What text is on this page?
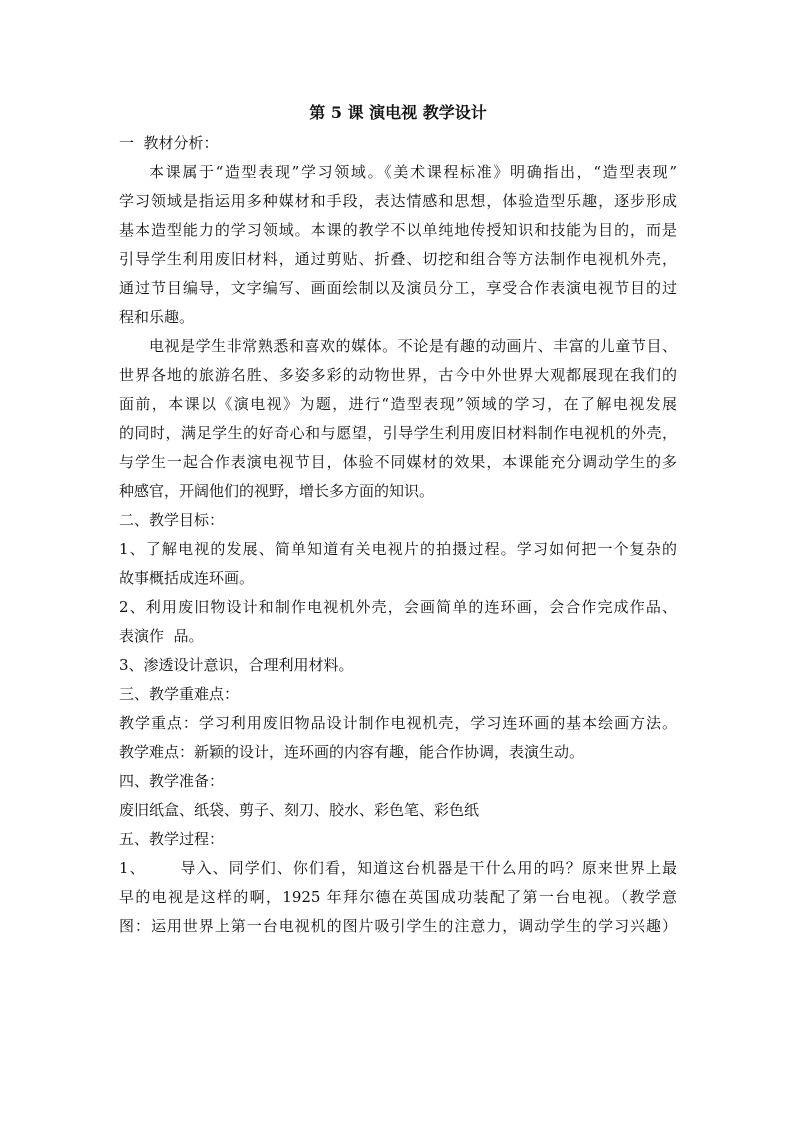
第 5 课 演电视 教学设计
一  教材分析：
本课属于“造型表现”学习领域。《美术课程标准》明确指出，“造型表现”
学习领域是指运用多种媒材和手段，表达情感和思想，体验造型乐趣，逐步形成
基本造型能力的学习领域。本课的教学不以单纯地传授知识和技能为目的，而是
引导学生利用废旧材料，通过剪贴、折叠、切挖和组合等方法制作电视机外壳，
通过节目编导，文字编写、画面绘制以及演员分工，享受合作表演电视节目的过
程和乐趣。
电视是学生非常熟悉和喜欢的媒体。不论是有趣的动画片、丰富的儿童节目、
世界各地的旅游名胜、多姿多彩的动物世界，古今中外世界大观都展现在我们的
面前，本课以《演电视》为题，进行“造型表现”领域的学习，在了解电视发展
的同时，满足学生的好奇心和与愿望，引导学生利用废旧材料制作电视机的外壳，
与学生一起合作表演电视节目，体验不同媒材的效果，本课能充分调动学生的多
种感官，开阔他们的视野，增长多方面的知识。
二、教学目标：
1、了解电视的发展、简单知道有关电视片的拍摄过程。学习如何把一个复杂的
故事概括成连环画。
2、利用废旧物设计和制作电视机外壳，会画简单的连环画，会合作完成作品、
表演作  品。
3、渗透设计意识，合理利用材料。
三、教学重难点：
教学重点：学习利用废旧物品设计制作电视机壳，学习连环画的基本绘画方法。
教学难点：新颖的设计，连环画的内容有趣，能合作协调，表演生动。
四、教学准备：
废旧纸盒、纸袋、剪子、刻刀、胶水、彩色笔、彩色纸
五、教学过程：
1、      导入、同学们、你们看，知道这台机器是干什么用的吗？原来世界上最
早的电视是这样的啊，1925 年拜尔德在英国成功装配了第一台电视。（教学意
图：运用世界上第一台电视机的图片吸引学生的注意力，调动学生的学习兴趣）
